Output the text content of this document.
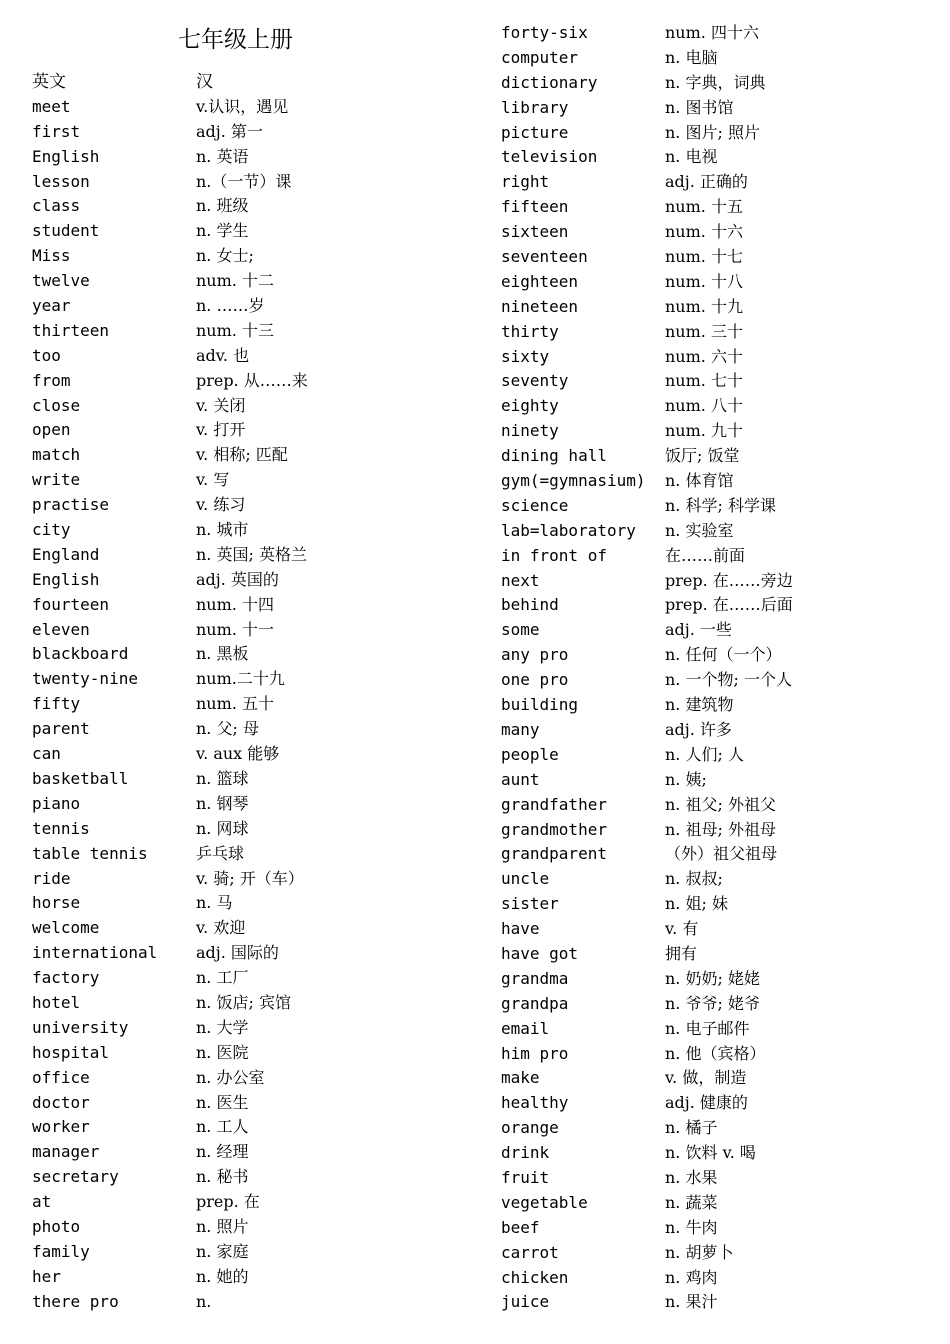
七年级上册
英文	汉
meet	v.认识，遇见
first	adj. 第一
English	n. 英语
lesson	n.（一节）课
class	n. 班级
student	n. 学生
Miss	n. 女士;
twelve	num. 十二
year	n. ……岁
thirteen	num. 十三
too	adv. 也
from	prep. 从……来
close	v. 关闭
open	v. 打开
match	v. 相称; 匹配
write	v. 写
practise	v. 练习
city	n. 城市
England	n. 英国; 英格兰
English	adj. 英国的
fourteen	num. 十四
eleven	num. 十一
blackboard	n. 黑板
twenty-nine	num.二十九
fifty	num. 五十
parent	n. 父; 母
can	v. aux 能够
basketball	n. 篮球
piano	n. 钢琴
tennis	n. 网球
table tennis	乒乓球
ride	v. 骑; 开（车）
horse	n. 马
welcome	v. 欢迎
international adj. 国际的
factory	n. 工厂
hotel	n. 饭店; 宾馆
university	n. 大学
hospital	n. 医院
office	n. 办公室
doctor	n. 医生
worker	n. 工人
manager	n. 经理
secretary	n. 秘书
at	prep. 在
photo	n. 照片
family	n. 家庭
her	n. 她的
there pro	n.
forty-six	num. 四十六
computer	n. 电脑
dictionary	n. 字典，词典
library	n. 图书馆
picture	n. 图片; 照片
television	n. 电视
right	adj. 正确的
fifteen	num. 十五
sixteen	num. 十六
seventeen	num. 十七
eighteen	num. 十八
nineteen	num. 十九
thirty	num. 三十
sixty	num. 六十
seventy	num. 七十
eighty	num. 八十
ninety	num. 九十
dining hall	饭厅; 饭堂
gym(=gymnasium) n. 体育馆
science	n. 科学; 科学课
lab=laboratory n. 实验室
in front of	在……前面
next	prep. 在……旁边
behind	prep. 在……后面
some	adj. 一些
any pro	n. 任何（一个）
one pro	n. 一个物; 一个人
building	n. 建筑物
many	adj. 许多
people	n. 人们; 人
aunt	n. 姨;
grandfather	n. 祖父; 外祖父
grandmother	n. 祖母; 外祖母
grandparent	（外）祖父祖母
uncle	n. 叔叔;
sister	n. 姐; 妹
have	v. 有
have got	拥有
grandma	n. 奶奶; 姥姥
grandpa	n. 爷爷; 姥爷
email	n. 电子邮件
him pro	n. 他（宾格）
make	v. 做，制造
healthy	adj. 健康的
orange	n. 橘子
drink	n. 饮料 v. 喝
fruit	n. 水果
vegetable	n. 蔬菜
beef	n. 牛肉
carrot	n. 胡萝卜
chicken	n. 鸡肉
juice	n. 果汁
